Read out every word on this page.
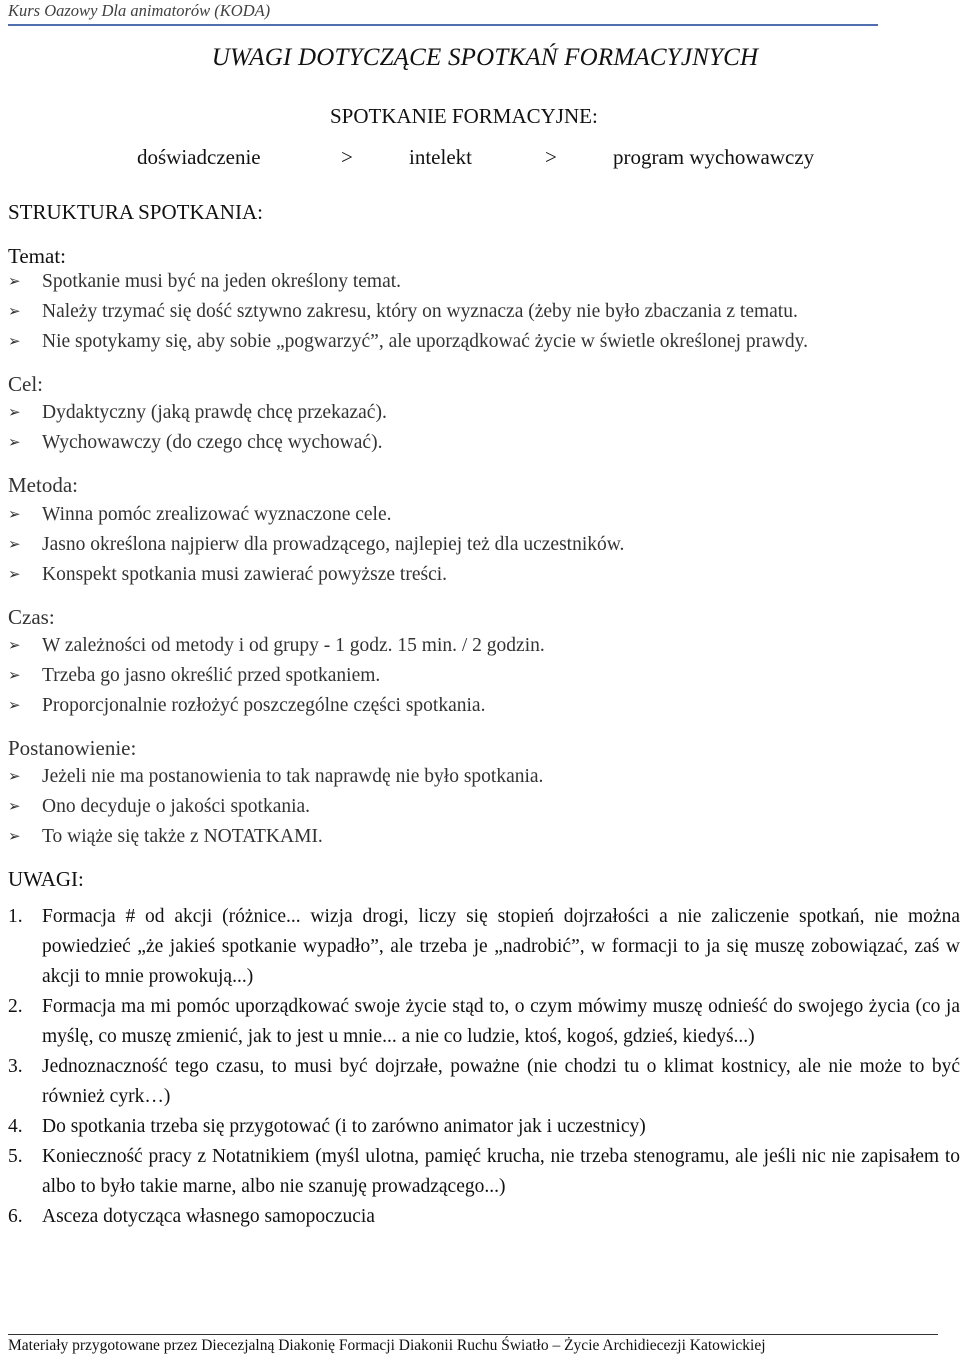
Kurs Oazowy Dla animatorów (KODA)
UWAGI DOTYCZĄCE SPOTKAŃ FORMACYJNYCH
SPOTKANIE FORMACYJNE:
doświadczenie	>	intelekt	>	program wychowawczy
STRUKTURA SPOTKANIA:
Temat:
➢ Spotkanie musi być na jeden określony temat.
➢ Należy trzymać się dość sztywno zakresu, który on wyznacza (żeby nie było zbaczania z tematu.
➢ Nie spotykamy się, aby sobie „pogwarzyć”, ale uporządkować życie w świetle określonej prawdy.
Cel:
➢ Dydaktyczny (jaką prawdę chcę przekazać).
➢ Wychowawczy (do czego chcę wychować).
Metoda:
➢ Winna pomóc zrealizować wyznaczone cele.
➢ Jasno określona najpierw dla prowadzącego, najlepiej też dla uczestników.
➢ Konspekt spotkania musi zawierać powyższe treści.
Czas:
➢ W zależności od metody i od grupy - 1 godz. 15 min. / 2 godzin.
➢ Trzeba go jasno określić przed spotkaniem.
➢ Proporcjonalnie rozłożyć poszczególne części spotkania.
Postanowienie:
➢ Jeżeli nie ma postanowienia to tak naprawdę nie było spotkania.
➢ Ono decyduje o jakości spotkania.
➢ To wiąże się także z NOTATKAMI.
UWAGI:
1. Formacja # od akcji (różnice... wizja drogi, liczy się stopień dojrzałości a nie zaliczenie spotkań, nie można powiedzieć „że jakieś spotkanie wypadło”, ale trzeba je „nadrobić”, w formacji to ja się muszę zobowiązać, zaś w akcji to mnie prowokują...)
2. Formacja ma mi pomóc uporządkować swoje życie stąd to, o czym mówimy muszę odnieść do swojego życia (co ja myślę, co muszę zmienić, jak to jest u mnie... a nie co ludzie, ktoś, kogoś, gdzieś, kiedyś...)
3. Jednoznaczność tego czasu, to musi być dojrzałe, poważne (nie chodzi tu o klimat kostnicy, ale nie może to być również cyrk…)
4. Do spotkania trzeba się przygotować (i to zarówno animator jak i uczestnicy)
5. Konieczność pracy z Notatnikiem (myśl ulotna, pamięć krucha, nie trzeba stenogramu, ale jeśli nic nie zapisałem to albo to było takie marne, albo nie szanuję prowadzącego...)
6. Asceza dotycząca własnego samopoczucia
Materiały przygotowane przez Diecezjalną Diakonię Formacji Diakonii Ruchu Światło – Życie Archidiecezji Katowickiej
